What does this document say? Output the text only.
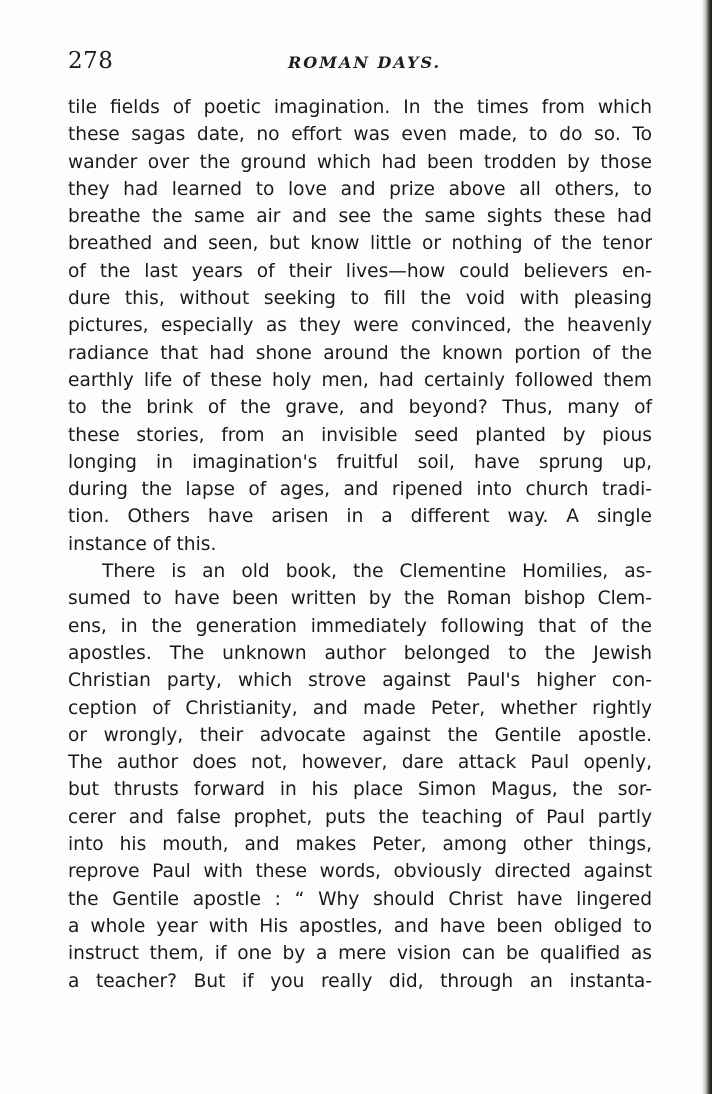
278	ROMAN DAYS.
tile fields of poetic imagination. In the times from which
these sagas date, no effort was even made, to do so. To
wander over the ground which had been trodden by those
they had learned to love and prize above all others, to
breathe the same air and see the same sights these had
breathed and seen, but know little or nothing of the tenor
of the last years of their lives—how could believers en-
dure this, without seeking to fill the void with pleasing
pictures, especially as they were convinced, the heavenly
radiance that had shone around the known portion of the
earthly life of these holy men, had certainly followed them
to the brink of the grave, and beyond? Thus, many of
these stories, from an invisible seed planted by pious
longing in imagination's fruitful soil, have sprung up,
during the lapse of ages, and ripened into church tradi-
tion. Others have arisen in a different way. A single
instance of this.
There is an old book, the Clementine Homilies, as-
sumed to have been written by the Roman bishop Clem-
ens, in the generation immediately following that of the
apostles. The unknown author belonged to the Jewish
Christian party, which strove against Paul's higher con-
ception of Christianity, and made Peter, whether rightly
or wrongly, their advocate against the Gentile apostle.
The author does not, however, dare attack Paul openly,
but thrusts forward in his place Simon Magus, the sor-
cerer and false prophet, puts the teaching of Paul partly
into his mouth, and makes Peter, among other things,
reprove Paul with these words, obviously directed against
the Gentile apostle : “ Why should Christ have lingered
a whole year with His apostles, and have been obliged to
instruct them, if one by a mere vision can be qualified as
a teacher? But if you really did, through an instanta-
